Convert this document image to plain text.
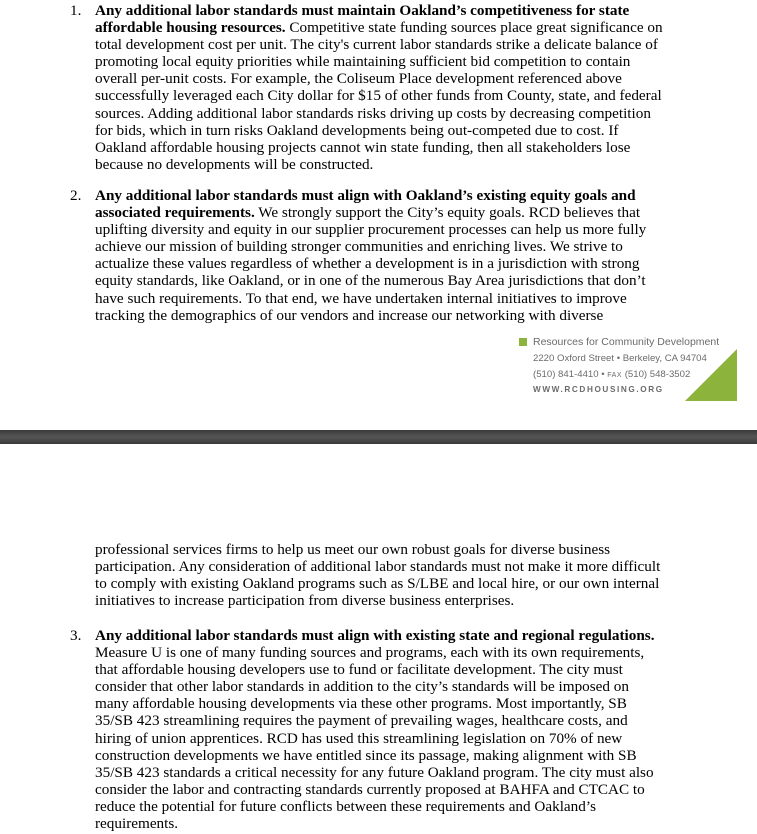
1. Any additional labor standards must maintain Oakland’s competitiveness for state
affordable housing resources. Competitive state funding sources place great significance on
total development cost per unit. The city's current labor standards strike a delicate balance of
promoting local equity priorities while maintaining sufficient bid competition to contain
overall per-unit costs. For example, the Coliseum Place development referenced above
successfully leveraged each City dollar for $15 of other funds from County, state, and federal
sources. Adding additional labor standards risks driving up costs by decreasing competition
for bids, which in turn risks Oakland developments being out-competed due to cost. If
Oakland affordable housing projects cannot win state funding, then all stakeholders lose
because no developments will be constructed.
2. Any additional labor standards must align with Oakland’s existing equity goals and
associated requirements. We strongly support the City’s equity goals. RCD believes that
uplifting diversity and equity in our supplier procurement processes can help us more fully
achieve our mission of building stronger communities and enriching lives. We strive to
actualize these values regardless of whether a development is in a jurisdiction with strong
equity standards, like Oakland, or in one of the numerous Bay Area jurisdictions that don’t
have such requirements. To that end, we have undertaken internal initiatives to improve
tracking the demographics of our vendors and increase our networking with diverse
Resources for Community Development
2220 Oxford Street • Berkeley, CA 94704
(510) 841-4410 • FAX (510) 548-3502
WWW.RCDHOUSING.ORG
professional services firms to help us meet our own robust goals for diverse business
participation. Any consideration of additional labor standards must not make it more difficult
to comply with existing Oakland programs such as S/LBE and local hire, or our own internal
initiatives to increase participation from diverse business enterprises.
3. Any additional labor standards must align with existing state and regional regulations.
Measure U is one of many funding sources and programs, each with its own requirements,
that affordable housing developers use to fund or facilitate development. The city must
consider that other labor standards in addition to the city’s standards will be imposed on
many affordable housing developments via these other programs. Most importantly, SB
35/SB 423 streamlining requires the payment of prevailing wages, healthcare costs, and
hiring of union apprentices. RCD has used this streamlining legislation on 70% of new
construction developments we have entitled since its passage, making alignment with SB
35/SB 423 standards a critical necessity for any future Oakland program. The city must also
consider the labor and contracting standards currently proposed at BAHFA and CTCAC to
reduce the potential for future conflicts between these requirements and Oakland’s
requirements.
